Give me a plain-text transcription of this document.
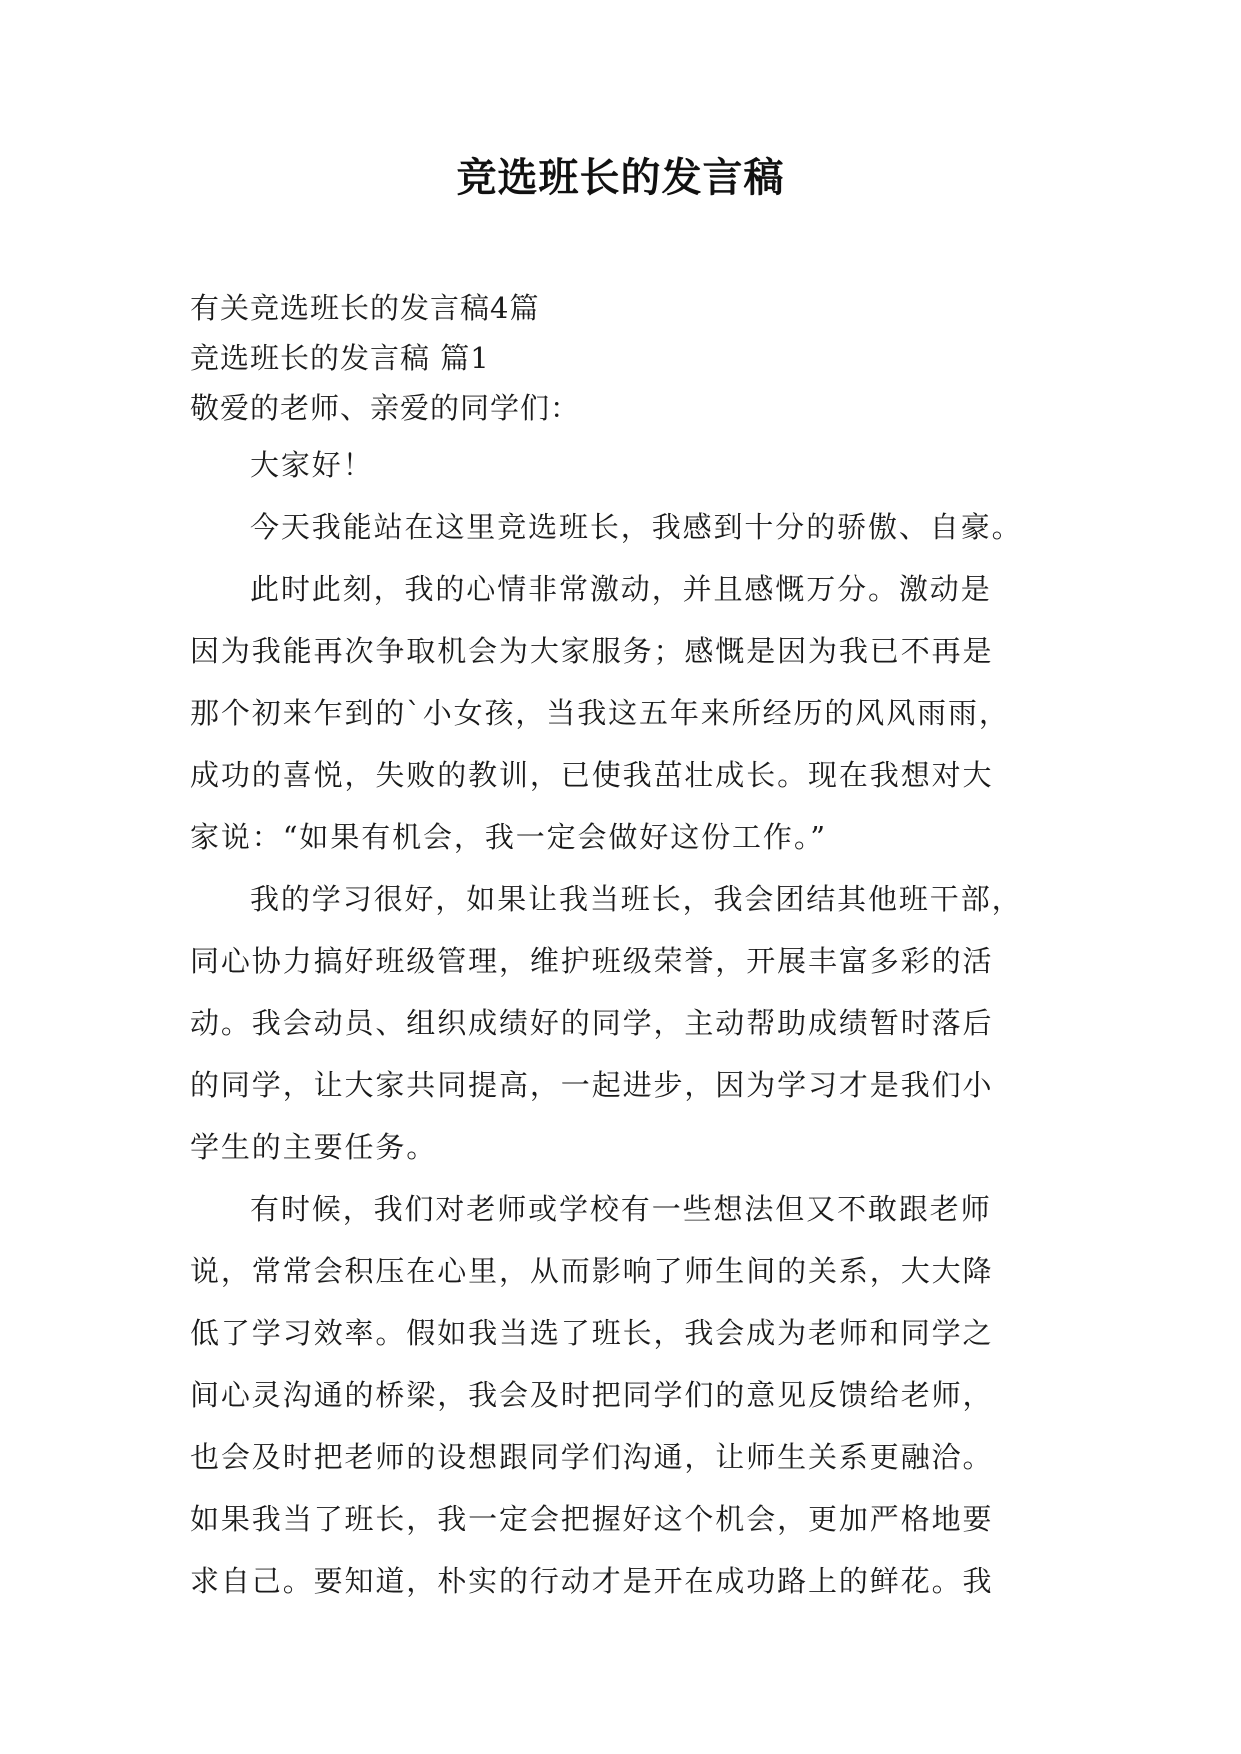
竞选班长的发言稿
有关竞选班长的发言稿4篇
竞选班长的发言稿 篇1
敬爱的老师、亲爱的同学们：

大家好！

今天我能站在这里竞选班长，我感到十分的骄傲、自豪。

此时此刻，我的心情非常激动，并且感慨万分。激动是

因为我能再次争取机会为大家服务；感慨是因为我已不再是

那个初来乍到的`小女孩，当我这五年来所经历的风风雨雨，

成功的喜悦，失败的教训，已使我茁壮成长。现在我想对大

家说：“如果有机会，我一定会做好这份工作。”

我的学习很好，如果让我当班长，我会团结其他班干部，

同心协力搞好班级管理，维护班级荣誉，开展丰富多彩的活

动。我会动员、组织成绩好的同学，主动帮助成绩暂时落后

的同学，让大家共同提高，一起进步，因为学习才是我们小

学生的主要任务。

有时候，我们对老师或学校有一些想法但又不敢跟老师

说，常常会积压在心里，从而影响了师生间的关系，大大降

低了学习效率。假如我当选了班长，我会成为老师和同学之

间心灵沟通的桥梁，我会及时把同学们的意见反馈给老师，

也会及时把老师的设想跟同学们沟通，让师生关系更融洽。

如果我当了班长，我一定会把握好这个机会，更加严格地要

求自己。要知道，朴实的行动才是开在成功路上的鲜花。我
